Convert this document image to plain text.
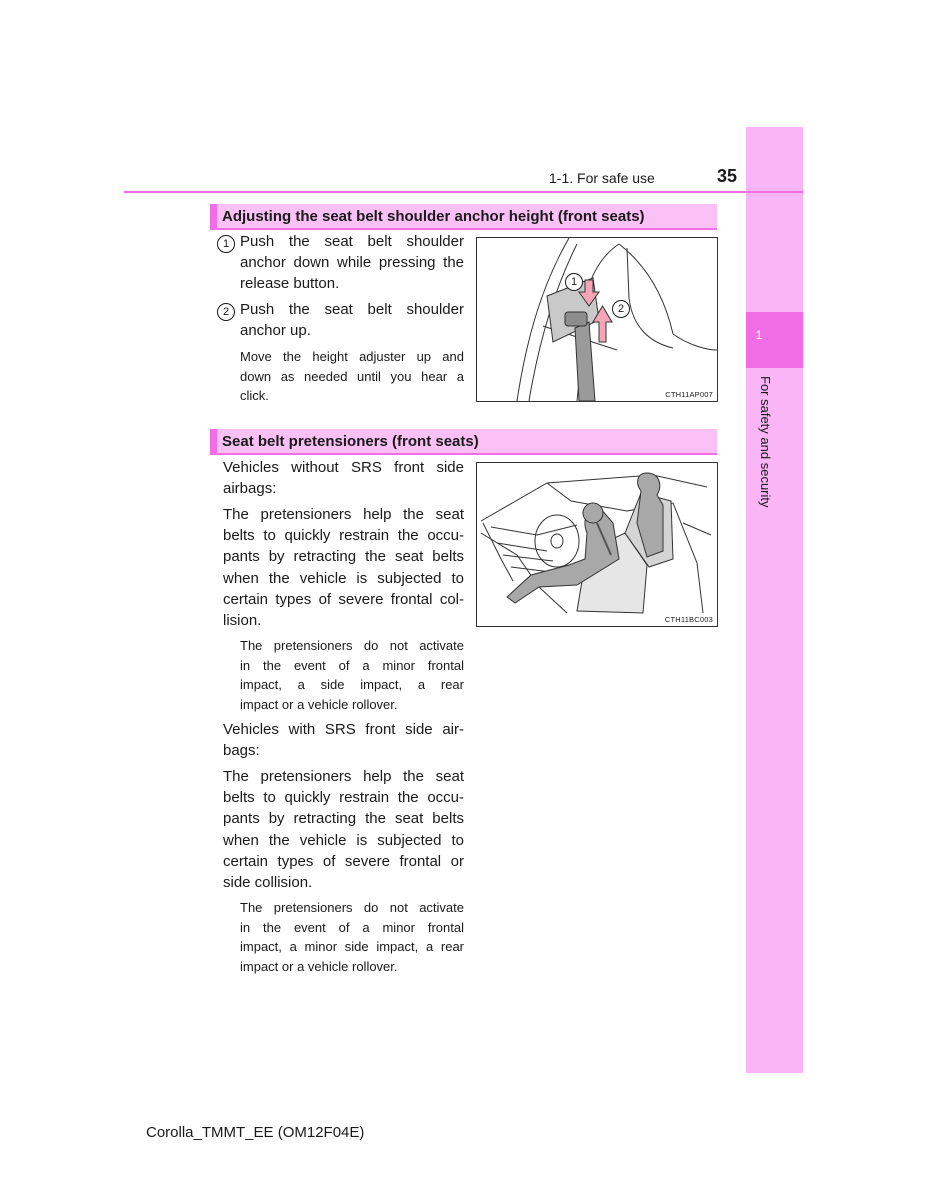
1
For safety and security
1-1. For safe use	35
Adjusting the seat belt shoulder anchor height (front seats)
1 Push the seat belt shoulder
anchor down while pressing the
release button.
2 Push the seat belt shoulder
anchor up.
Move the height adjuster up and
down as needed until you hear a
click.
1
2
CTH11AP007
Seat belt pretensioners (front seats)
Vehicles without SRS front side
airbags:
The pretensioners help the seat
belts to quickly restrain the occu-
pants by retracting the seat belts
when the vehicle is subjected to
certain types of severe frontal col-
lision.
The pretensioners do not activate
in the event of a minor frontal
impact, a side impact, a rear
impact or a vehicle rollover.
Vehicles with SRS front side air-
bags:
The pretensioners help the seat
belts to quickly restrain the occu-
pants by retracting the seat belts
when the vehicle is subjected to
certain types of severe frontal or
side collision.
The pretensioners do not activate
in the event of a minor frontal
impact, a minor side impact, a rear
impact or a vehicle rollover.
CTH11BC003
Corolla_TMMT_EE (OM12F04E)
